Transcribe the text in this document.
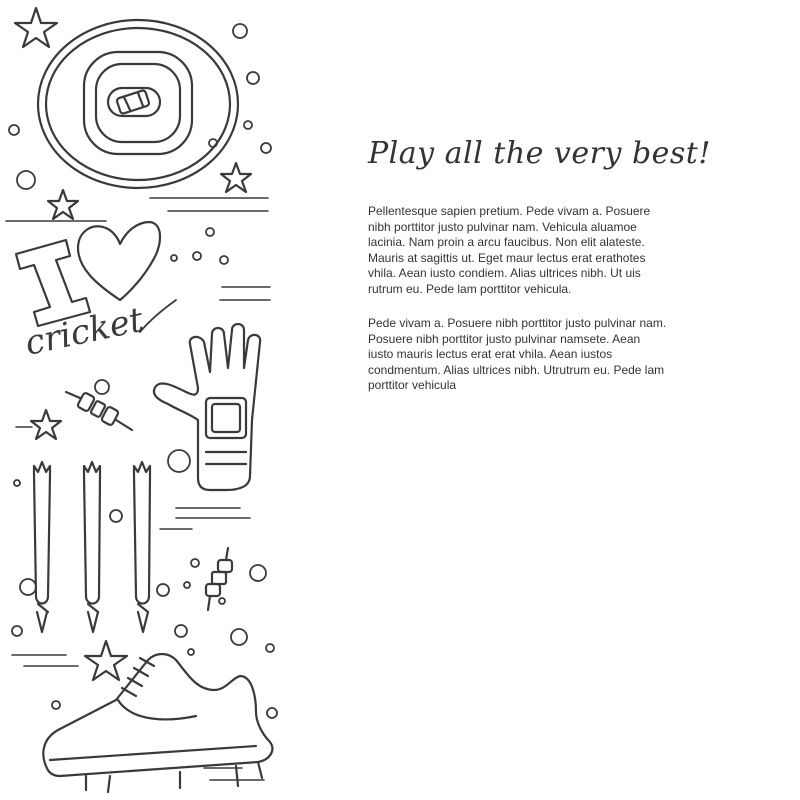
cricket
Play all the very best!

Pellentesque sapien pretium. Pede vivam a. Posuere nibh porttitor justo pulvinar nam. Vehicula aluamoe lacinia. Nam proin a arcu faucibus. Non elit alateste. Mauris at sagittis ut. Eget maur lectus erat erathotes vhila. Aean iusto condiem. Alias ultrices nibh. Ut uis rutrum eu. Pede lam porttitor vehicula.

Pede vivam a. Posuere nibh porttitor justo pulvinar nam. Posuere nibh porttitor justo pulvinar namsete. Aean iusto mauris lectus erat erat vhila. Aean iustos condmentum. Alias ultrices nibh. Utrutrum eu. Pede lam porttitor vehicula
